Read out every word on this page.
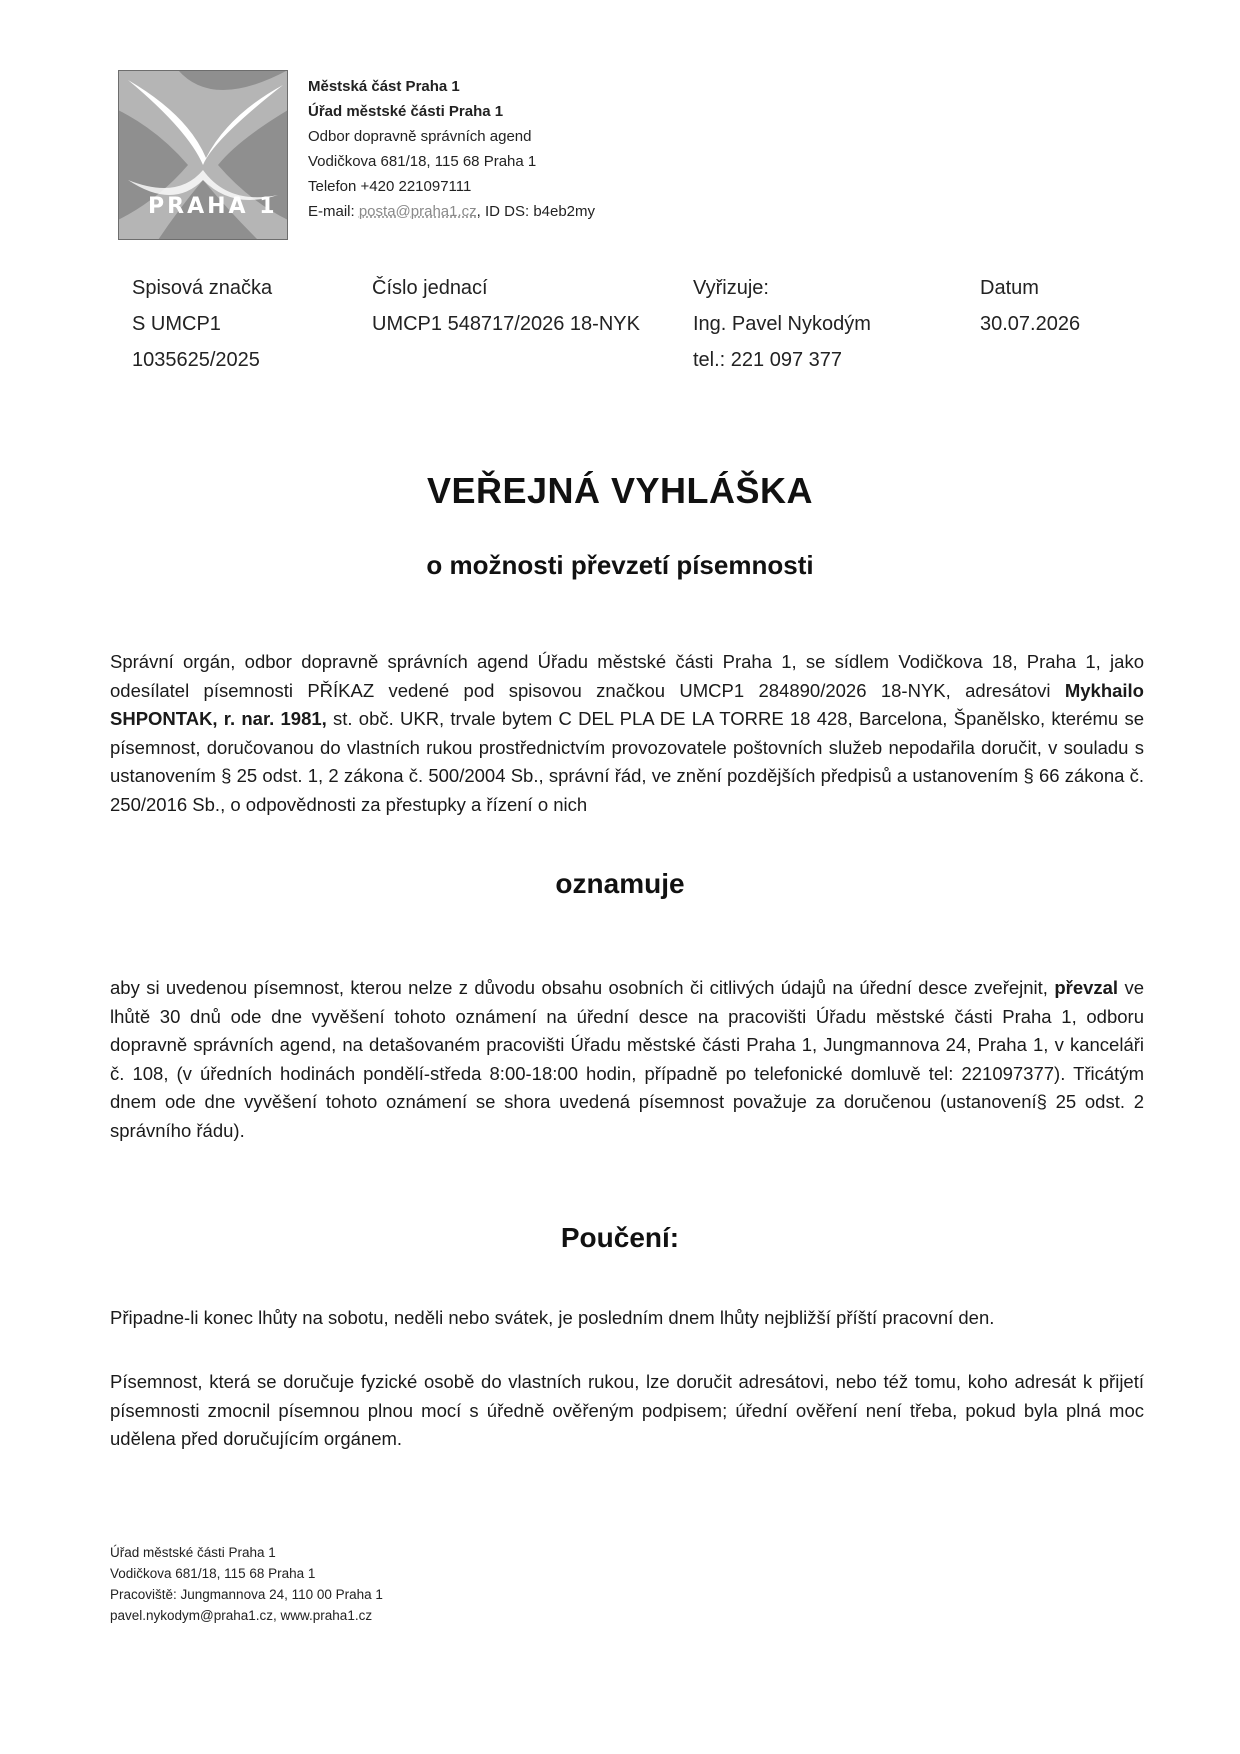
PRAHA 1
Městská část Praha 1
Úřad městské části Praha 1
Odbor dopravně správních agend
Vodičkova 681/18, 115 68 Praha 1
Telefon +420 221097111
E-mail: posta@praha1.cz, ID DS: b4eb2my
Spisová značka
S UMCP1
1035625/2025
Číslo jednací
UMCP1 548717/2026 18-NYK
Vyřizuje:
Ing. Pavel Nykodým
tel.: 221 097 377
Datum
30.07.2026
VEŘEJNÁ VYHLÁŠKA
o možnosti převzetí písemnosti
Správní orgán, odbor dopravně správních agend Úřadu městské části Praha 1, se sídlem Vodičkova 18, Praha 1, jako odesílatel písemnosti PŘÍKAZ vedené pod spisovou značkou UMCP1 284890/2026 18-NYK, adresátovi Mykhailo SHPONTAK, r. nar. 1981, st. obč. UKR, trvale bytem C DEL PLA DE LA TORRE 18 428, Barcelona, Španělsko, kterému se písemnost, doručovanou do vlastních rukou prostřednictvím provozovatele poštovních služeb nepodařila doručit, v souladu s ustanovením § 25 odst. 1, 2 zákona č. 500/2004 Sb., správní řád, ve znění pozdějších předpisů a ustanovením § 66 zákona č. 250/2016 Sb., o odpovědnosti za přestupky a řízení o nich
oznamuje
aby si uvedenou písemnost, kterou nelze z důvodu obsahu osobních či citlivých údajů na úřední desce zveřejnit, převzal ve lhůtě 30 dnů ode dne vyvěšení tohoto oznámení na úřední desce na pracovišti Úřadu městské části Praha 1, odboru dopravně správních agend, na detašovaném pracovišti Úřadu městské části Praha 1, Jungmannova 24, Praha 1, v kanceláři č. 108, (v úředních hodinách pondělí-středa 8:00-18:00 hodin, případně po telefonické domluvě tel: 221097377). Třicátým dnem ode dne vyvěšení tohoto oznámení se shora uvedená písemnost považuje za doručenou (ustanovení§ 25 odst. 2 správního řádu).
Poučení:
Připadne-li konec lhůty na sobotu, neděli nebo svátek, je posledním dnem lhůty nejbližší příští pracovní den.
Písemnost, která se doručuje fyzické osobě do vlastních rukou, lze doručit adresátovi, nebo též tomu, koho adresát k přijetí písemnosti zmocnil písemnou plnou mocí s úředně ověřeným podpisem; úřední ověření není třeba, pokud byla plná moc udělena před doručujícím orgánem.
Úřad městské části Praha 1
Vodičkova 681/18, 115 68 Praha 1
Pracoviště: Jungmannova 24, 110 00 Praha 1
pavel.nykodym@praha1.cz, www.praha1.cz
